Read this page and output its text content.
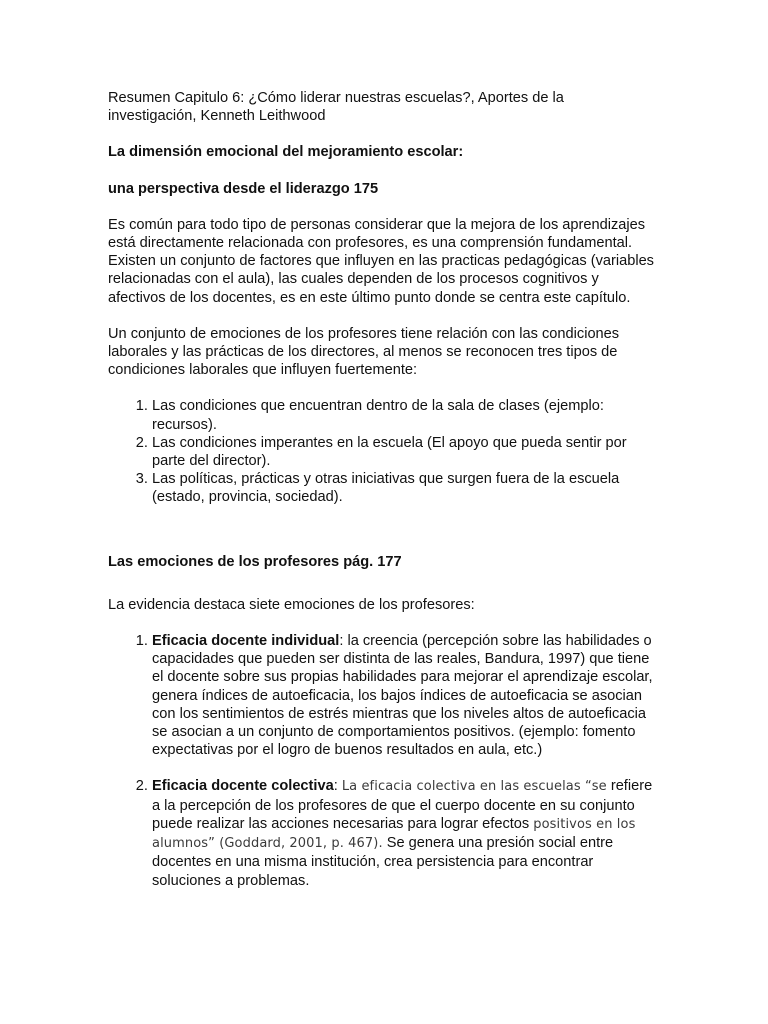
Resumen Capitulo 6: ¿Cómo liderar nuestras escuelas?, Aportes de la investigación, Kenneth Leithwood

La dimensión emocional del mejoramiento escolar:

una perspectiva desde el liderazgo 175

Es común para todo tipo de personas considerar que la mejora de los aprendizajes está directamente relacionada con profesores, es una comprensión fundamental. Existen un conjunto de factores que influyen en las practicas pedagógicas (variables relacionadas con el aula), las cuales dependen de los procesos cognitivos y afectivos de los docentes, es en este último punto donde se centra este capítulo.

Un conjunto de emociones de los profesores tiene relación con las condiciones laborales y las prácticas de los directores, al menos se reconocen tres tipos de condiciones laborales que influyen fuertemente:

1. Las condiciones que encuentran dentro de la sala de clases (ejemplo: recursos).
2. Las condiciones imperantes en la escuela (El apoyo que pueda sentir por parte del director).
3. Las políticas, prácticas y otras iniciativas que surgen fuera de la escuela (estado, provincia, sociedad).

Las emociones de los profesores pág. 177

La evidencia destaca siete emociones de los profesores:

1. Eficacia docente individual: la creencia (percepción sobre las habilidades o capacidades que pueden ser distinta de las reales, Bandura, 1997) que tiene el docente sobre sus propias habilidades para mejorar el aprendizaje escolar, genera índices de autoeficacia, los bajos índices de autoeficacia se asocian con los sentimientos de estrés mientras que los niveles altos de autoeficacia se asocian a un conjunto de comportamientos positivos. (ejemplo: fomento expectativas por el logro de buenos resultados en aula, etc.)
2. Eficacia docente colectiva: La eficacia colectiva en las escuelas “se refiere a la percepción de los profesores de que el cuerpo docente en su conjunto puede realizar las acciones necesarias para lograr efectos positivos en los alumnos” (Goddard, 2001, p. 467). Se genera una presión social entre docentes en una misma institución, crea persistencia para encontrar soluciones a problemas.
